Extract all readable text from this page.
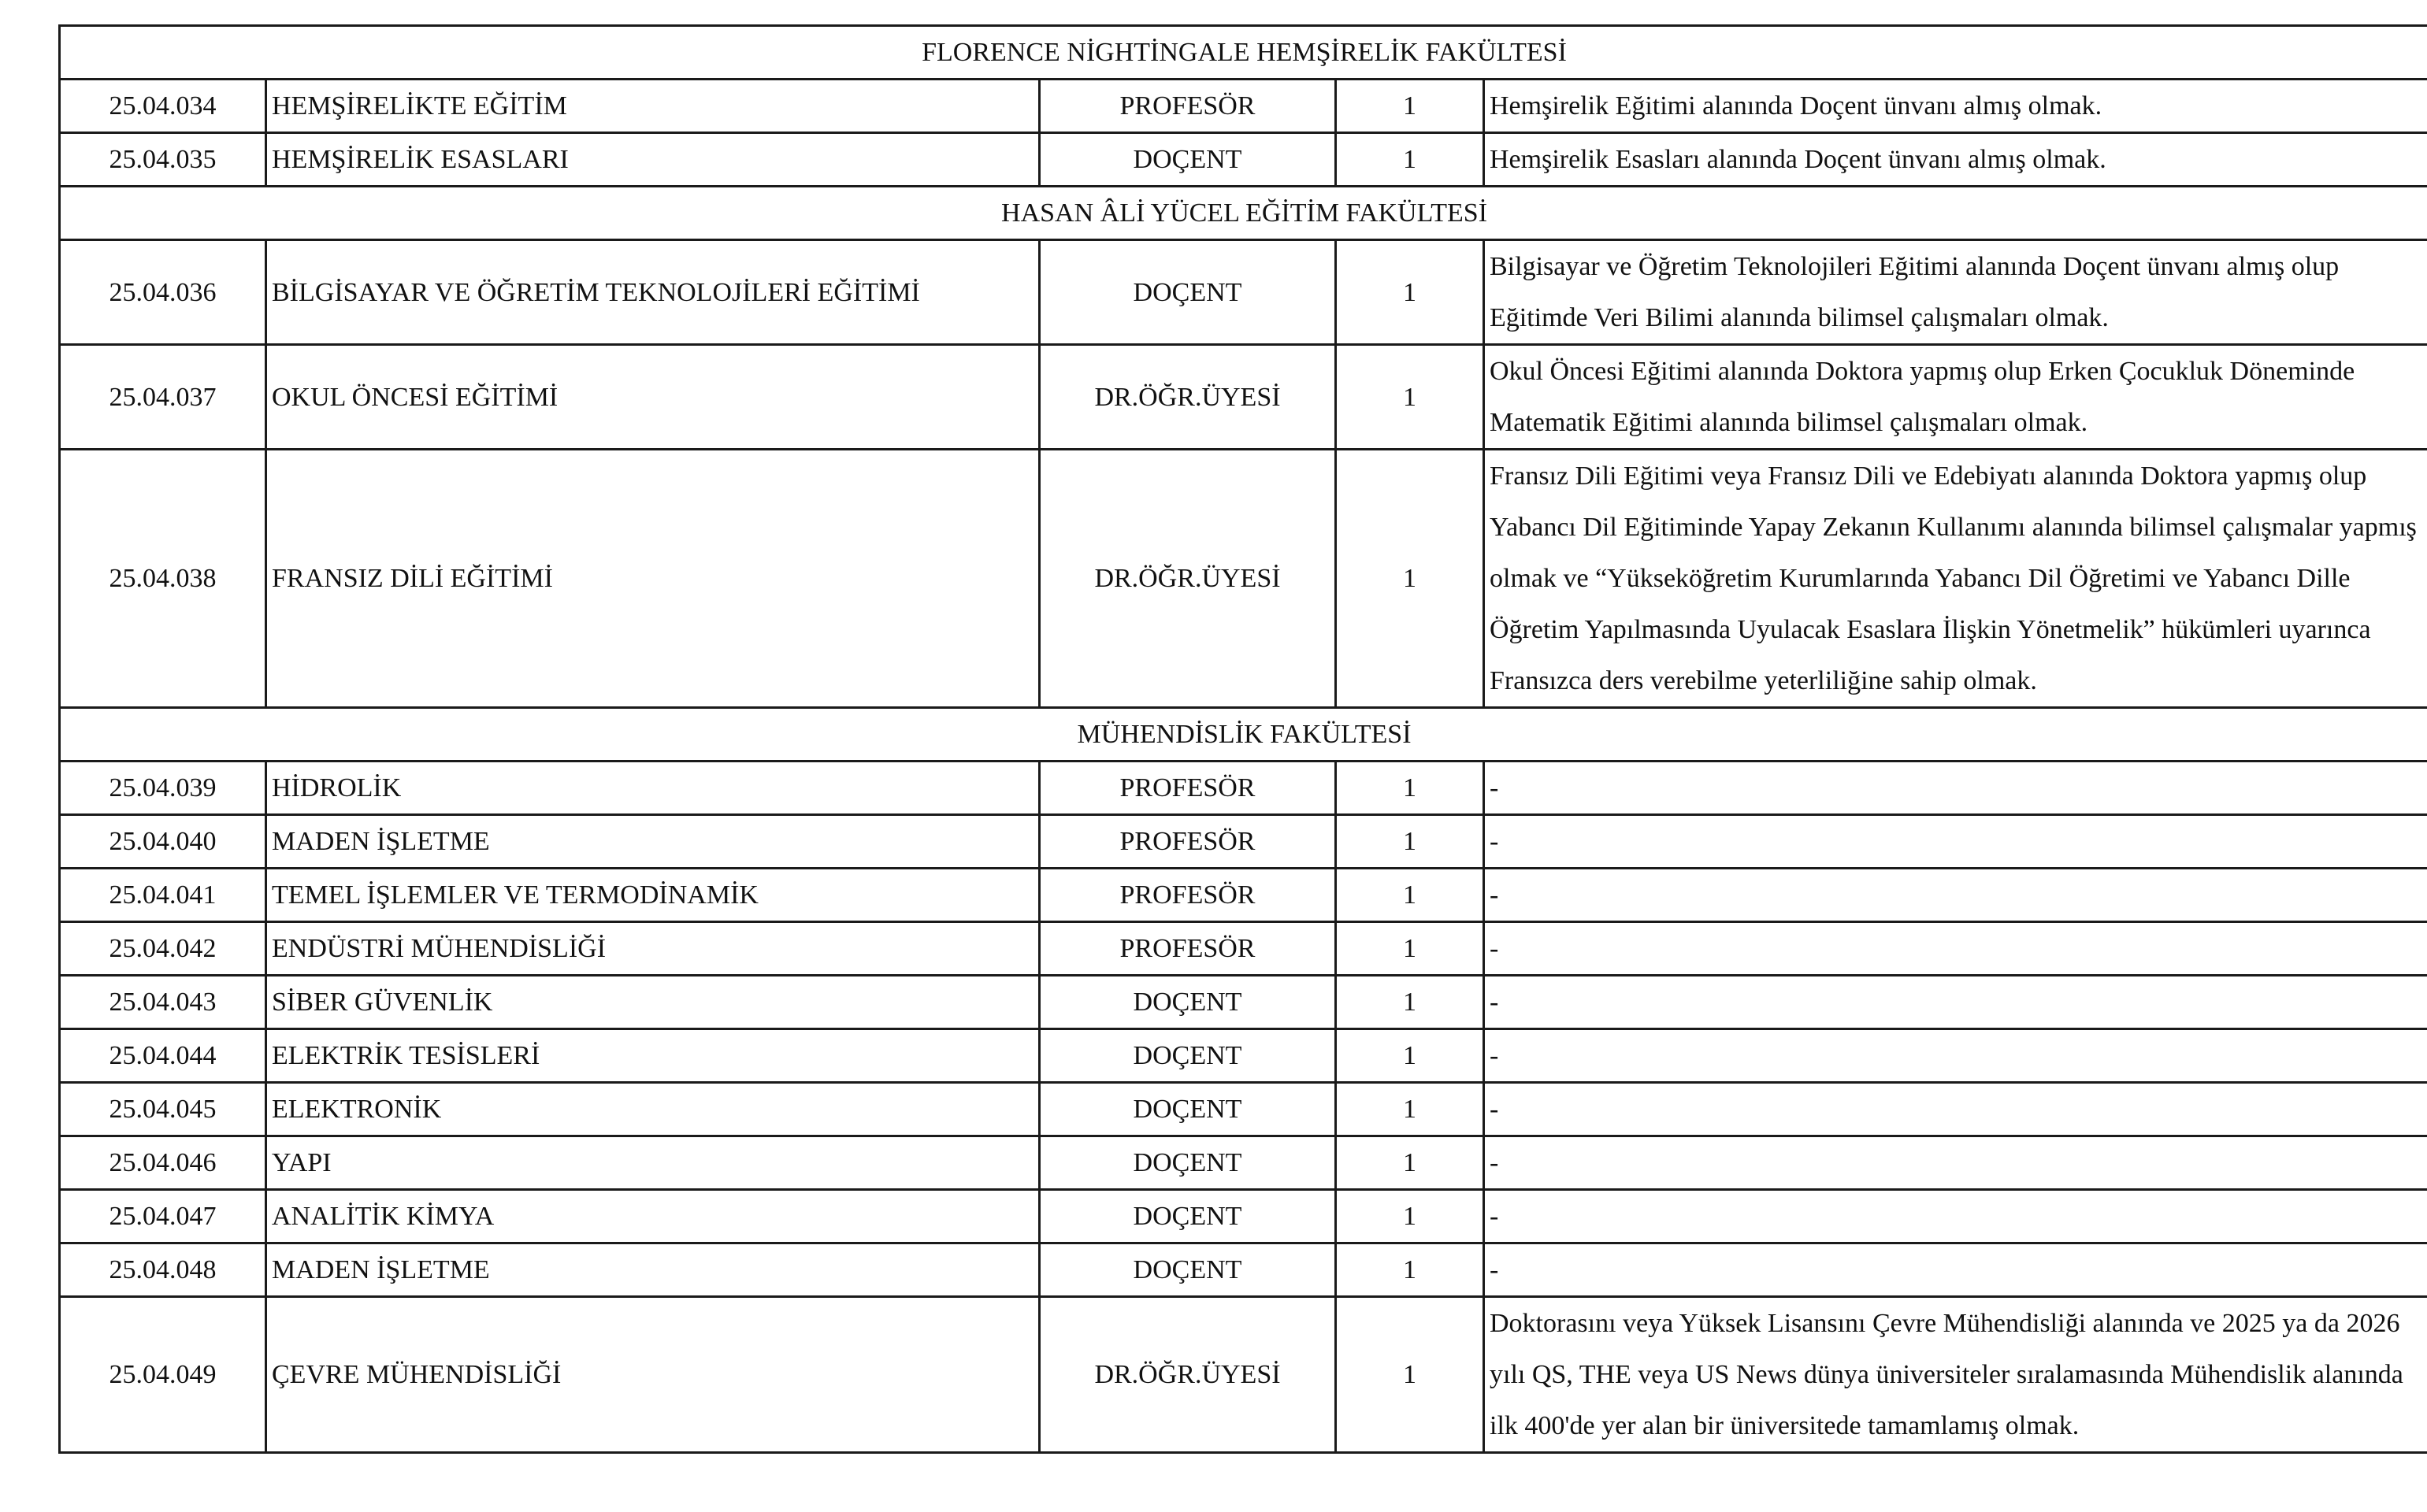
FLORENCE NİGHTİNGALE HEMŞİRELİK FAKÜLTESİ				
25.04.034	HEMŞİRELİKTE EĞİTİM	PROFESÖR	1	Hemşirelik Eğitimi alanında Doçent ünvanı almış olmak.
25.04.035	HEMŞİRELİK ESASLARI	DOÇENT	1	Hemşirelik Esasları alanında Doçent ünvanı almış olmak.
HASAN ÂLİ YÜCEL EĞİTİM FAKÜLTESİ				
25.04.036	BİLGİSAYAR VE ÖĞRETİM TEKNOLOJİLERİ EĞİTİMİ	DOÇENT	1	Bilgisayar ve Öğretim Teknolojileri Eğitimi alanında Doçent ünvanı almış olup Eğitimde Veri Bilimi alanında bilimsel çalışmaları olmak.
25.04.037	OKUL ÖNCESİ EĞİTİMİ	DR.ÖĞR.ÜYESİ	1	Okul Öncesi Eğitimi alanında Doktora yapmış olup Erken Çocukluk Döneminde Matematik Eğitimi alanında bilimsel çalışmaları olmak.
25.04.038	FRANSIZ DİLİ EĞİTİMİ	DR.ÖĞR.ÜYESİ	1	Fransız Dili Eğitimi veya Fransız Dili ve Edebiyatı alanında Doktora yapmış olup Yabancı Dil Eğitiminde Yapay Zekanın Kullanımı alanında bilimsel çalışmalar yapmış olmak ve “Yükseköğretim Kurumlarında Yabancı Dil Öğretimi ve Yabancı Dille Öğretim Yapılmasında Uyulacak Esaslara İlişkin Yönetmelik” hükümleri uyarınca Fransızca ders verebilme yeterliliğine sahip olmak.
MÜHENDİSLİK FAKÜLTESİ				
25.04.039	HİDROLİK	PROFESÖR	1	-
25.04.040	MADEN İŞLETME	PROFESÖR	1	-
25.04.041	TEMEL İŞLEMLER VE TERMODİNAMİK	PROFESÖR	1	-
25.04.042	ENDÜSTRİ MÜHENDİSLİĞİ	PROFESÖR	1	-
25.04.043	SİBER GÜVENLİK	DOÇENT	1	-
25.04.044	ELEKTRİK TESİSLERİ	DOÇENT	1	-
25.04.045	ELEKTRONİK	DOÇENT	1	-
25.04.046	YAPI	DOÇENT	1	-
25.04.047	ANALİTİK KİMYA	DOÇENT	1	-
25.04.048	MADEN İŞLETME	DOÇENT	1	-
25.04.049	ÇEVRE MÜHENDİSLİĞİ	DR.ÖĞR.ÜYESİ	1	Doktorasını veya Yüksek Lisansını Çevre Mühendisliği alanında ve 2025 ya da 2026 yılı QS, THE veya US News dünya üniversiteler sıralamasında Mühendislik alanında ilk 400'de yer alan bir üniversitede tamamlamış olmak.
